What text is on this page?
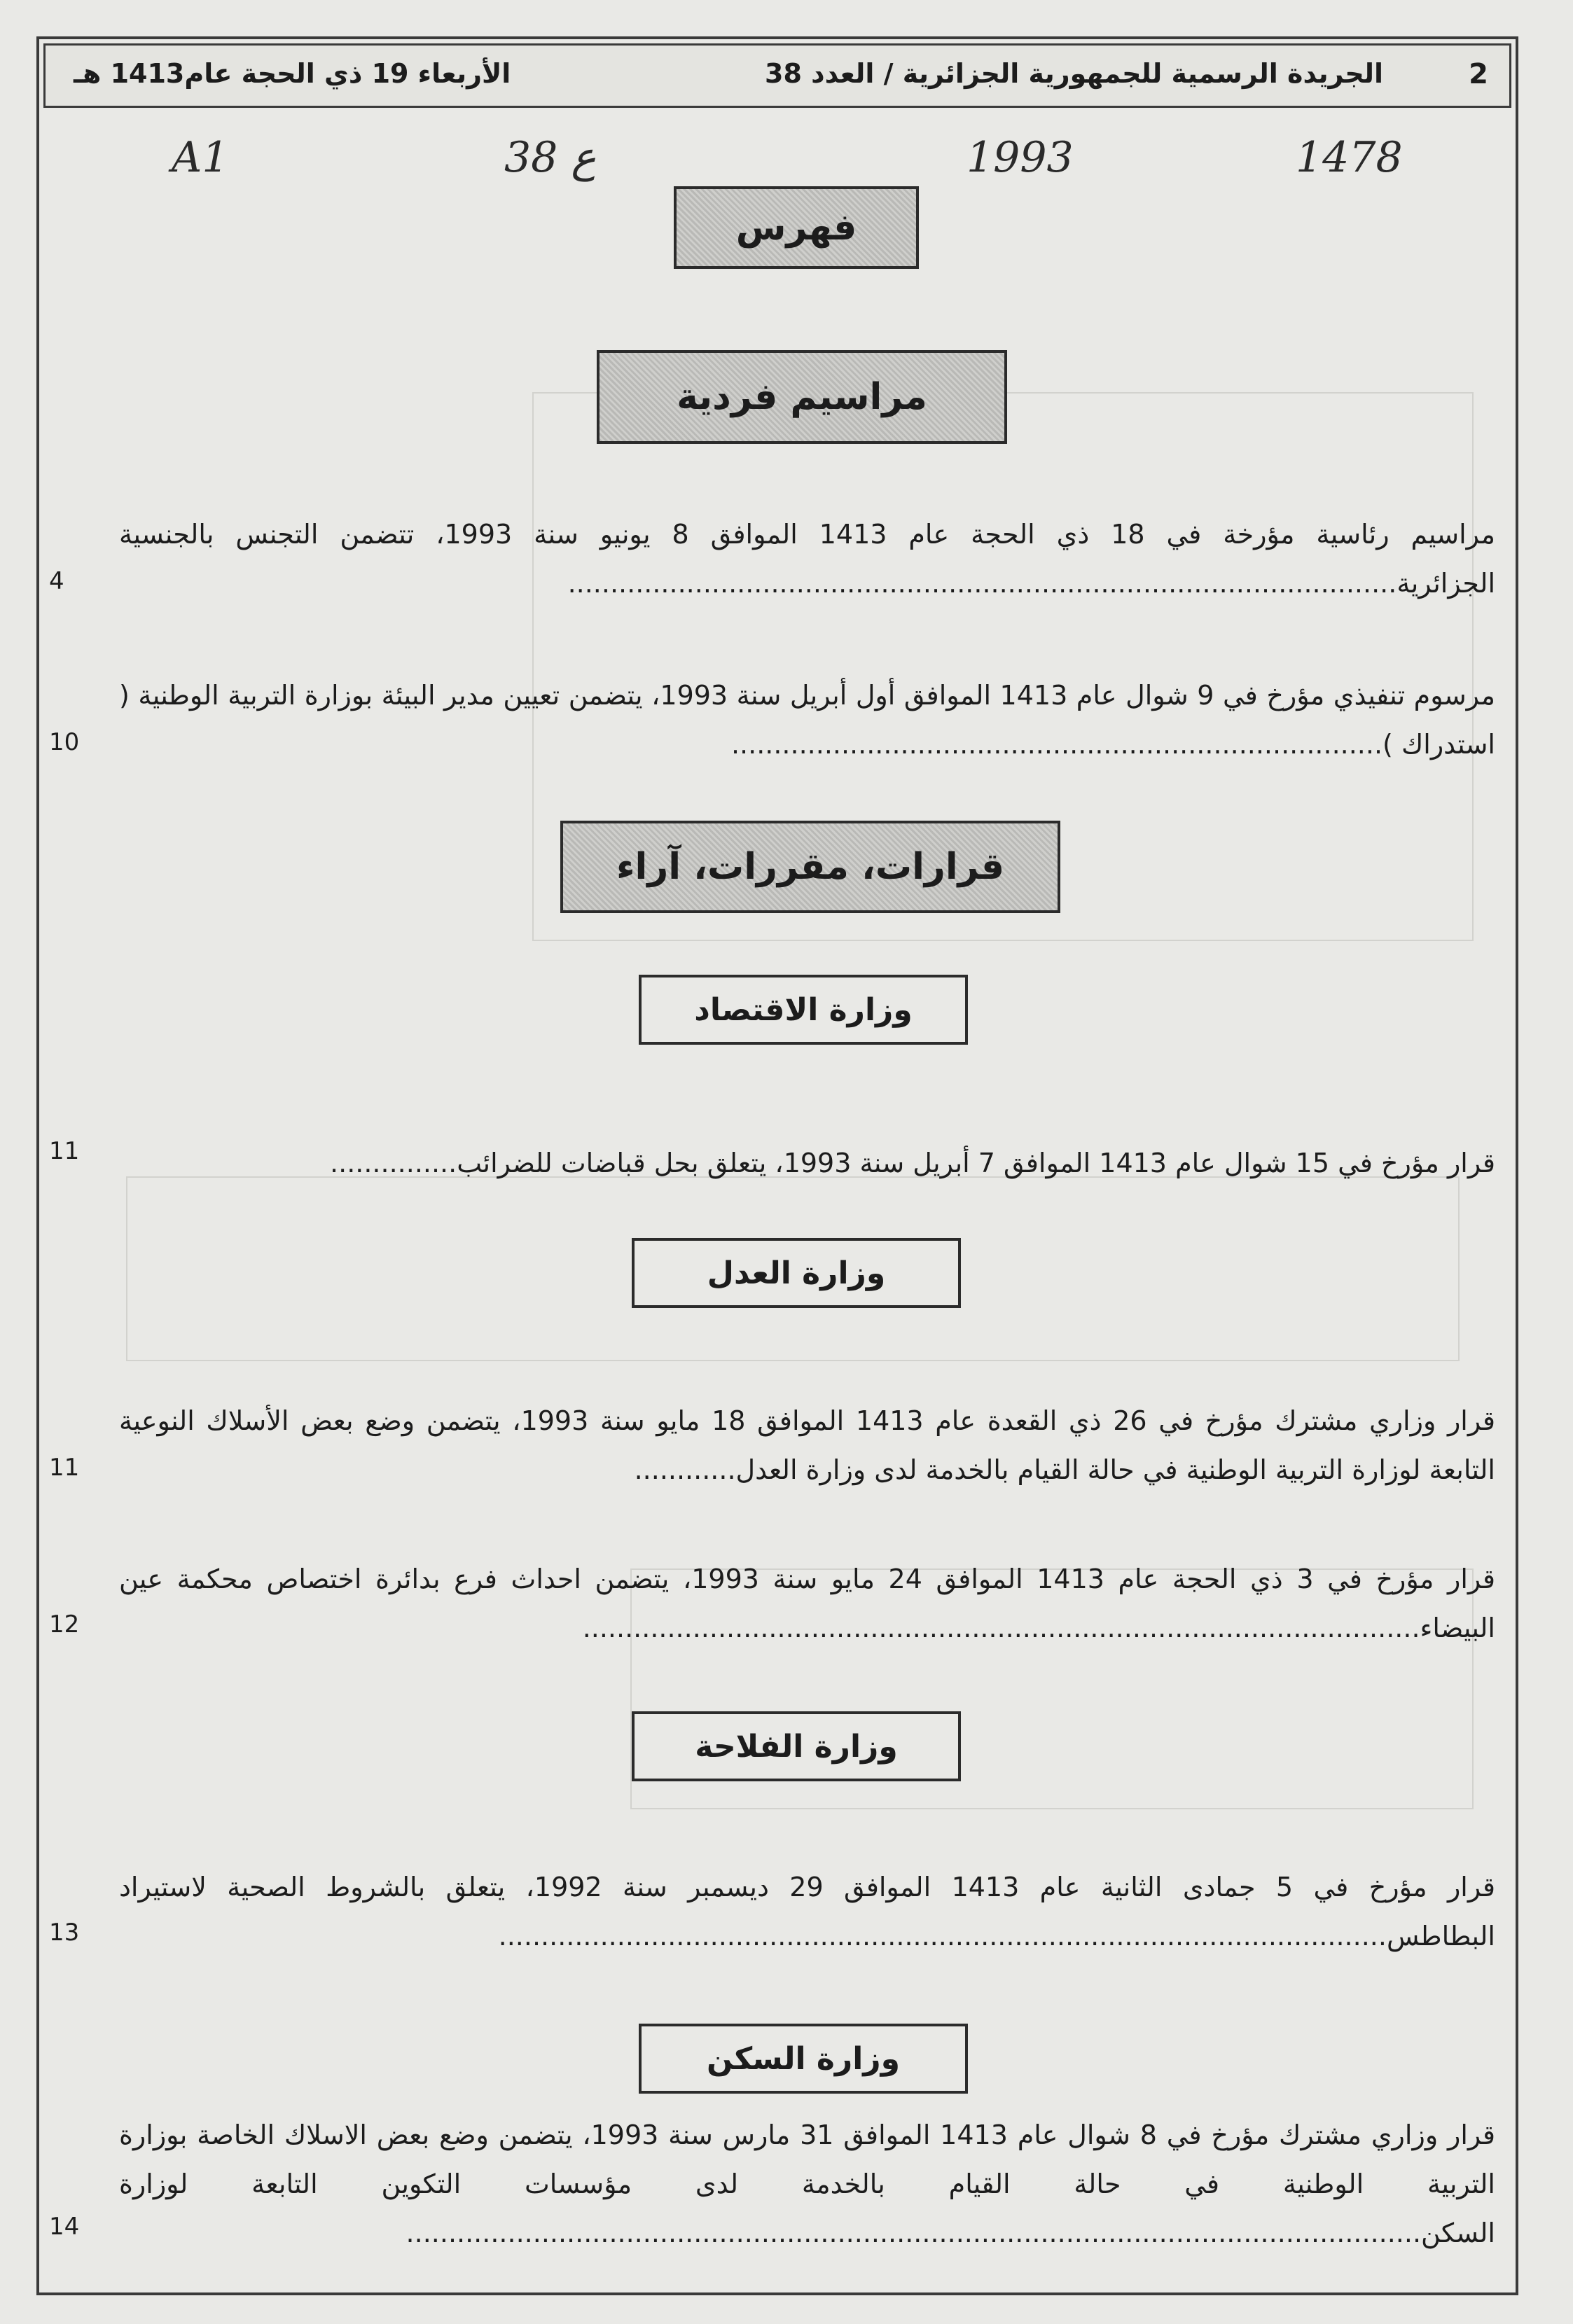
2
الجريدة الرسمية للجمهورية الجزائرية / العدد 38
الأربعاء 19 ذي الحجة عام1413 هـ
A1	38 ع	1993	1478
فهرس
مراسيم فردية
مراسيم رئاسية مؤرخة في 18 ذي الحجة عام 1413 الموافق 8 يونيو سنة 1993، تتضمن التجنس بالجنسية الجزائرية..................................................................................................
4
مرسوم تنفيذي مؤرخ في 9 شوال عام 1413 الموافق أول أبريل سنة 1993، يتضمن تعيين مدير البيئة بوزارة التربية الوطنية ( استدراك ).............................................................................
10
قرارات، مقررات، آراء
وزارة الاقتصاد
قرار مؤرخ في 15 شوال عام 1413 الموافق 7 أبريل سنة 1993، يتعلق بحل قباضات للضرائب...............
11
وزارة العدل
قرار وزاري مشترك مؤرخ في 26 ذي القعدة عام 1413 الموافق 18 مايو سنة 1993، يتضمن وضع بعض الأسلاك النوعية التابعة لوزارة التربية الوطنية في حالة القيام بالخدمة لدى وزارة العدل............
11
قرار مؤرخ في 3 ذي الحجة عام 1413 الموافق 24 مايو سنة 1993، يتضمن احداث فرع بدائرة اختصاص محكمة عين البيضاء...................................................................................................
12
وزارة الفلاحة
قرار مؤرخ في 5 جمادى الثانية عام 1413 الموافق 29 ديسمبر سنة 1992، يتعلق بالشروط الصحية لاستيراد البطاطس.........................................................................................................
13
وزارة السكن
قرار وزاري مشترك مؤرخ في 8 شوال عام 1413 الموافق 31 مارس سنة 1993، يتضمن وضع بعض الاسلاك الخاصة بوزارة التربية الوطنية في حالة القيام بالخدمة لدى مؤسسات التكوين التابعة لوزارة السكن........................................................................................................................
14
